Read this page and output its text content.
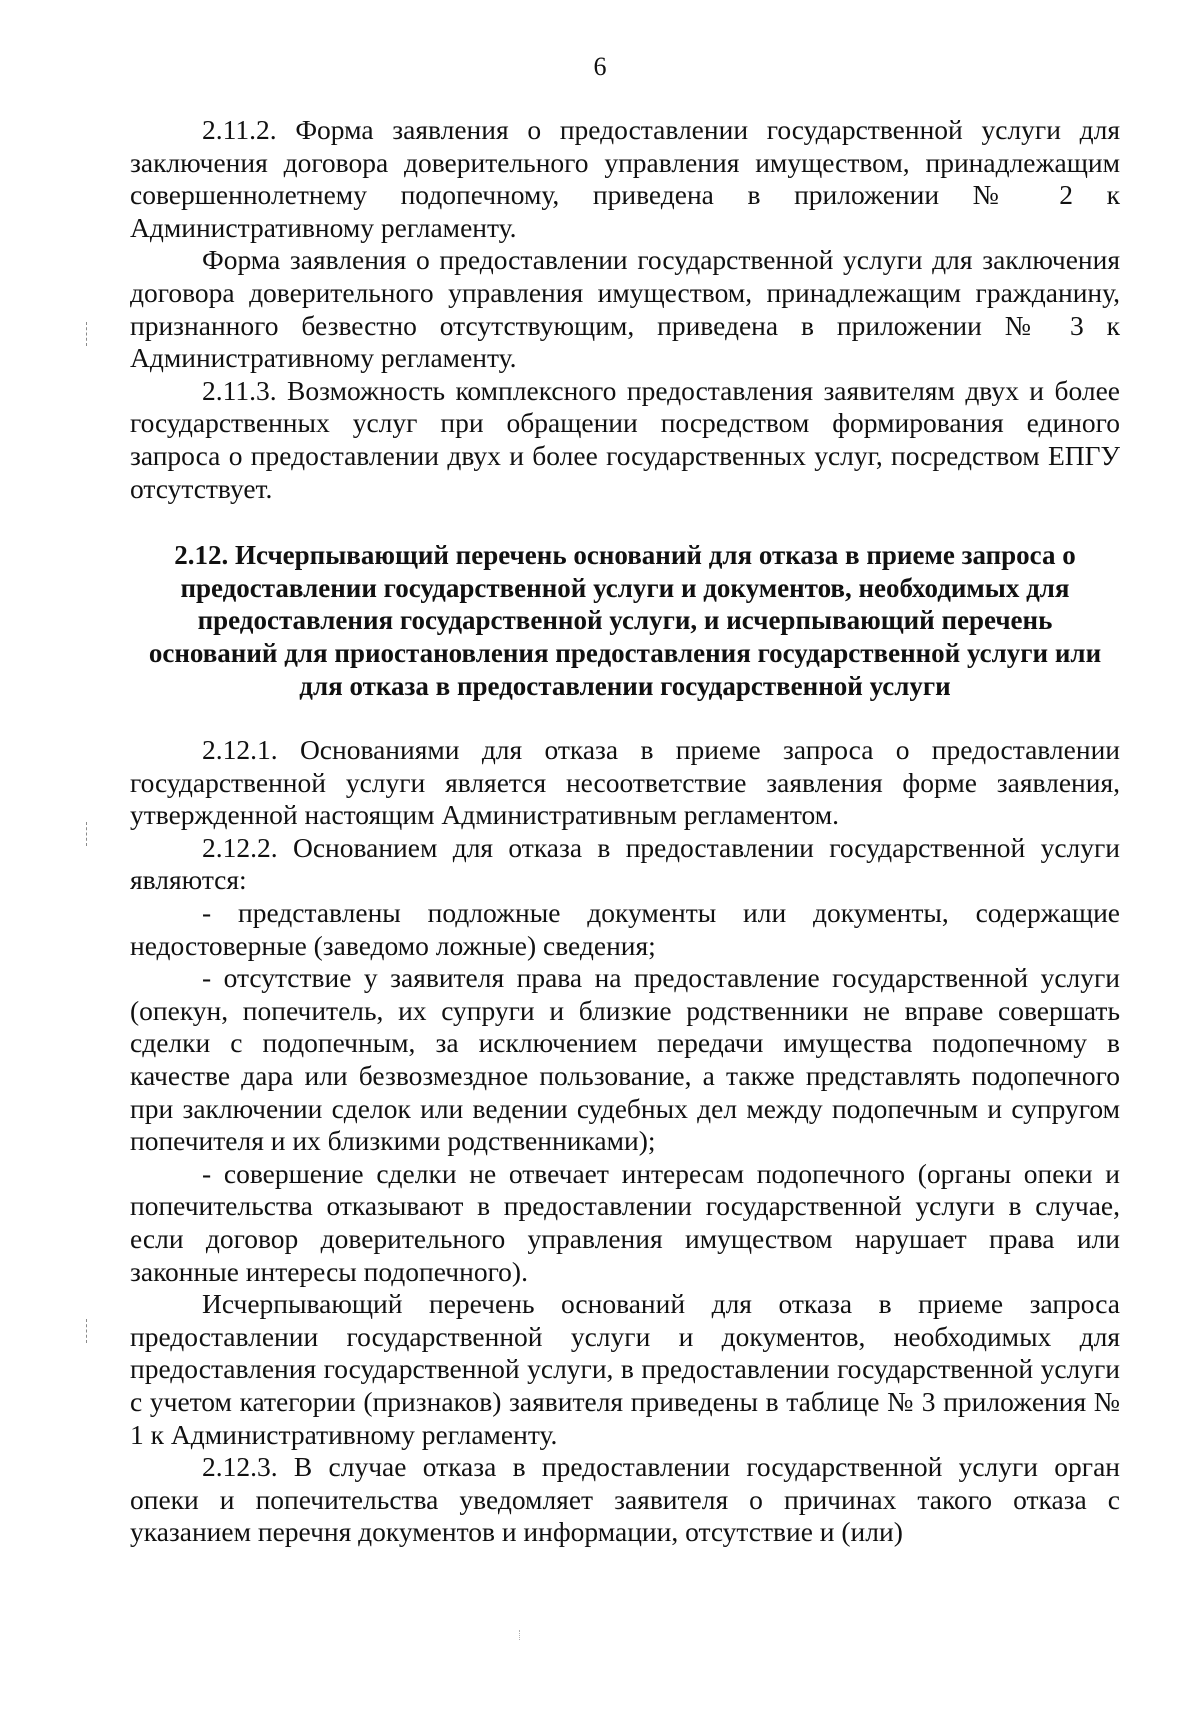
6

2.11.2. Форма заявления о предоставлении государственной услуги для заключения договора доверительного управления имуществом, принадлежащим совершеннолетнему подопечному, приведена в приложении № 2 к Административному регламенту.

Форма заявления о предоставлении государственной услуги для заключения договора доверительного управления имуществом, принадлежащим гражданину, признанного безвестно отсутствующим, приведена в приложении № 3 к Административному регламенту.

2.11.3. Возможность комплексного предоставления заявителям двух и более государственных услуг при обращении посредством формирования единого запроса о предоставлении двух и более государственных услуг, посредством ЕПГУ отсутствует.

2.12. Исчерпывающий перечень оснований для отказа в приеме запроса о предоставлении государственной услуги и документов, необходимых для предоставления государственной услуги, и исчерпывающий перечень оснований для приостановления предоставления государственной услуги или для отказа в предоставлении государственной услуги

2.12.1. Основаниями для отказа в приеме запроса о предоставлении государственной услуги является несоответствие заявления форме заявления, утвержденной настоящим Административным регламентом.

2.12.2. Основанием для отказа в предоставлении государственной услуги являются:

- представлены подложные документы или документы, содержащие недостоверные (заведомо ложные) сведения;

- отсутствие у заявителя права на предоставление государственной услуги (опекун, попечитель, их супруги и близкие родственники не вправе совершать сделки с подопечным, за исключением передачи имущества подопечному в качестве дара или безвозмездное пользование, а также представлять подопечного при заключении сделок или ведении судебных дел между подопечным и супругом попечителя и их близкими родственниками);

- совершение сделки не отвечает интересам подопечного (органы опеки и попечительства отказывают в предоставлении государственной услуги в случае, если договор доверительного управления имуществом нарушает права или законные интересы подопечного).

Исчерпывающий перечень оснований для отказа в приеме запроса предоставлении государственной услуги и документов, необходимых для предоставления государственной услуги, в предоставлении государственной услуги с учетом категории (признаков) заявителя приведены в таблице № 3 приложения № 1 к Административному регламенту.

2.12.3. В случае отказа в предоставлении государственной услуги орган опеки и попечительства уведомляет заявителя о причинах такого отказа с указанием перечня документов и информации, отсутствие и (или)
